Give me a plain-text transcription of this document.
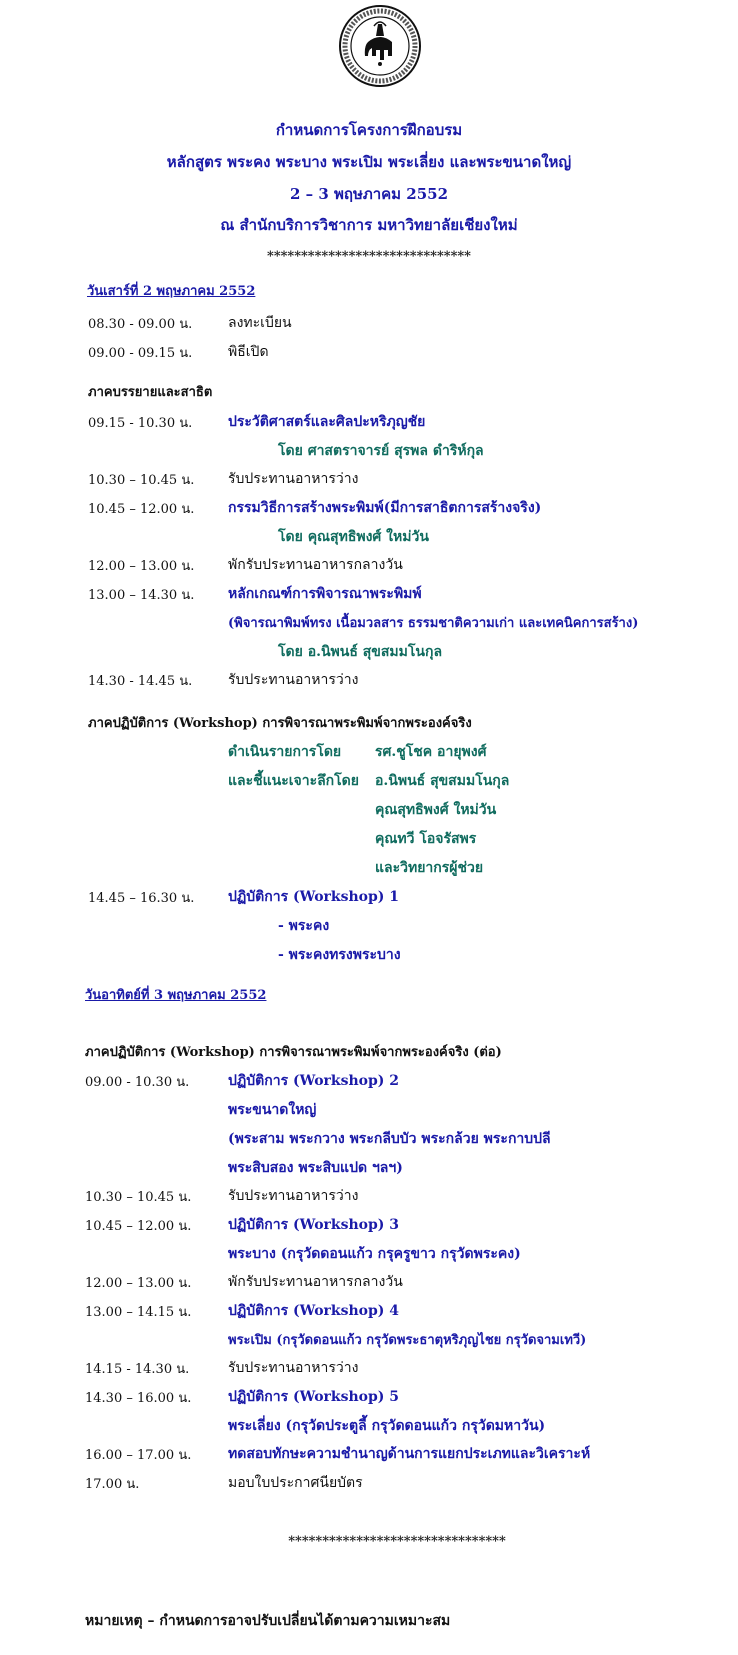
กำหนดการโครงการฝึกอบรม
หลักสูตร พระคง พระบาง พระเปิม พระเลี่ยง และพระขนาดใหญ่
2 – 3 พฤษภาคม 2552
ณ สำนักบริการวิชาการ มหาวิทยาลัยเชียงใหม่
******************************
วันเสาร์ที่ 2 พฤษภาคม 2552
08.30 - 09.00 น.	ลงทะเบียน
09.00 - 09.15 น.	พิธีเปิด
ภาคบรรยายและสาธิต
09.15 - 10.30 น.	ประวัติศาสตร์และศิลปะหริภุญชัย
โดย ศาสตราจารย์ สุรพล ดำริห์กุล
10.30 – 10.45 น. รับประทานอาหารว่าง
10.45 – 12.00 น. กรรมวิธีการสร้างพระพิมพ์(มีการสาธิตการสร้างจริง)
โดย คุณสุทธิพงศ์ ใหม่วัน
12.00 – 13.00 น. พักรับประทานอาหารกลางวัน
13.00 – 14.30 น. หลักเกณฑ์การพิจารณาพระพิมพ์
(พิจารณาพิมพ์ทรง เนื้อมวลสาร ธรรมชาติความเก่า และเทคนิคการสร้าง)
โดย อ.นิพนธ์ สุขสมมโนกุล
14.30 - 14.45 น.	รับประทานอาหารว่าง
ภาคปฏิบัติการ (Workshop) การพิจารณาพระพิมพ์จากพระองค์จริง
ดำเนินรายการโดย รศ.ชูโชค อายุพงศ์
และชี้แนะเจาะลึกโดย อ.นิพนธ์ สุขสมมโนกุล
คุณสุทธิพงศ์ ใหม่วัน
คุณทวี โอจรัสพร
และวิทยากรผู้ช่วย
14.45 – 16.30 น. ปฏิบัติการ (Workshop) 1
- พระคง
- พระคงทรงพระบาง
วันอาทิตย์ที่ 3 พฤษภาคม 2552
ภาคปฏิบัติการ (Workshop) การพิจารณาพระพิมพ์จากพระองค์จริง (ต่อ)
09.00 - 10.30 น.	ปฏิบัติการ (Workshop) 2
พระขนาดใหญ่
(พระสาม พระกวาง พระกลีบบัว พระกล้วย พระกาบปลี
พระสิบสอง พระสิบแปด ฯลฯ)
10.30 – 10.45 น.	รับประทานอาหารว่าง
10.45 – 12.00 น.	ปฏิบัติการ (Workshop) 3
พระบาง (กรุวัดดอนแก้ว กรุครูขาว กรุวัดพระคง)
12.00 – 13.00 น.	พักรับประทานอาหารกลางวัน
13.00 – 14.15 น.	ปฏิบัติการ (Workshop) 4
พระเปิม (กรุวัดดอนแก้ว กรุวัดพระธาตุหริภุญไชย กรุวัดจามเทวี)
14.15 - 14.30 น.	รับประทานอาหารว่าง
14.30 – 16.00 น.	ปฏิบัติการ (Workshop) 5
พระเลี่ยง (กรุวัดประตูลี้ กรุวัดดอนแก้ว กรุวัดมหาวัน)
16.00 – 17.00 น.	ทดสอบทักษะความชำนาญด้านการแยกประเภทและวิเคราะห์
17.00 น.	มอบใบประกาศนียบัตร
********************************
หมายเหตุ – กำหนดการอาจปรับเปลี่ยนได้ตามความเหมาะสม
